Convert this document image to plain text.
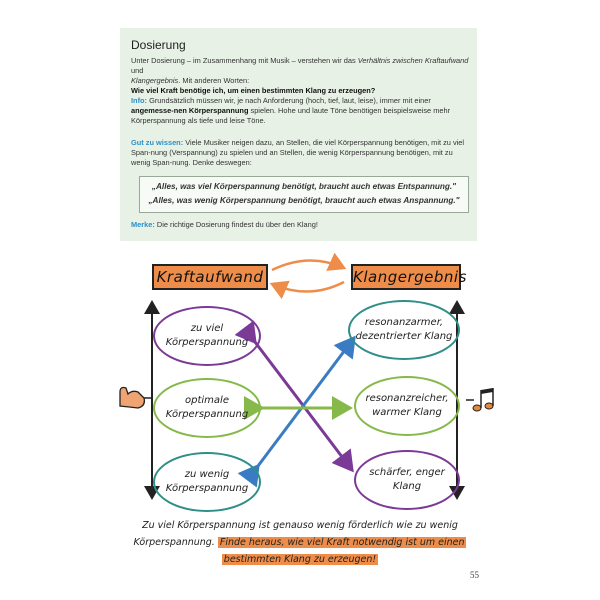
Dosierung
Unter Dosierung – im Zusammenhang mit Musik – verstehen wir das Verhältnis zwischen Kraftaufwand und
Klangergebnis. Mit anderen Worten:
Wie viel Kraft benötige ich, um einen bestimmten Klang zu erzeugen?
Info: Grundsätzlich müssen wir, je nach Anforderung (hoch, tief, laut, leise), immer mit einer angemesse-nen Körperspannung spielen. Hohe und laute Töne benötigen beispielsweise mehr Körperspannung als tiefe und leise Töne.
Gut zu wissen: Viele Musiker neigen dazu, an Stellen, die viel Körperspannung benötigen, mit zu viel Span-nung (Verspannung) zu spielen und an Stellen, die wenig Körperspannung benötigen, mit zu wenig Span-nung. Denke deswegen:
„Alles, was viel Körperspannung benötigt, braucht auch etwas Entspannung."
„Alles, was wenig Körperspannung benötigt, braucht auch etwas Anspannung."
Merke: Die richtige Dosierung findest du über den Klang!
Kraftaufwand	Klangergebnis
zu viel
Körperspannung
optimale
Körperspannung
zu wenig
Körperspannung
resonanzarmer,
dezentrierter Klang
resonanzreicher,
warmer Klang
schärfer, enger
Klang
Zu viel Körperspannung ist genauso wenig förderlich wie zu wenig
Körperspannung. Finde heraus, wie viel Kraft notwendig ist um einen
bestimmten Klang zu erzeugen!
55
